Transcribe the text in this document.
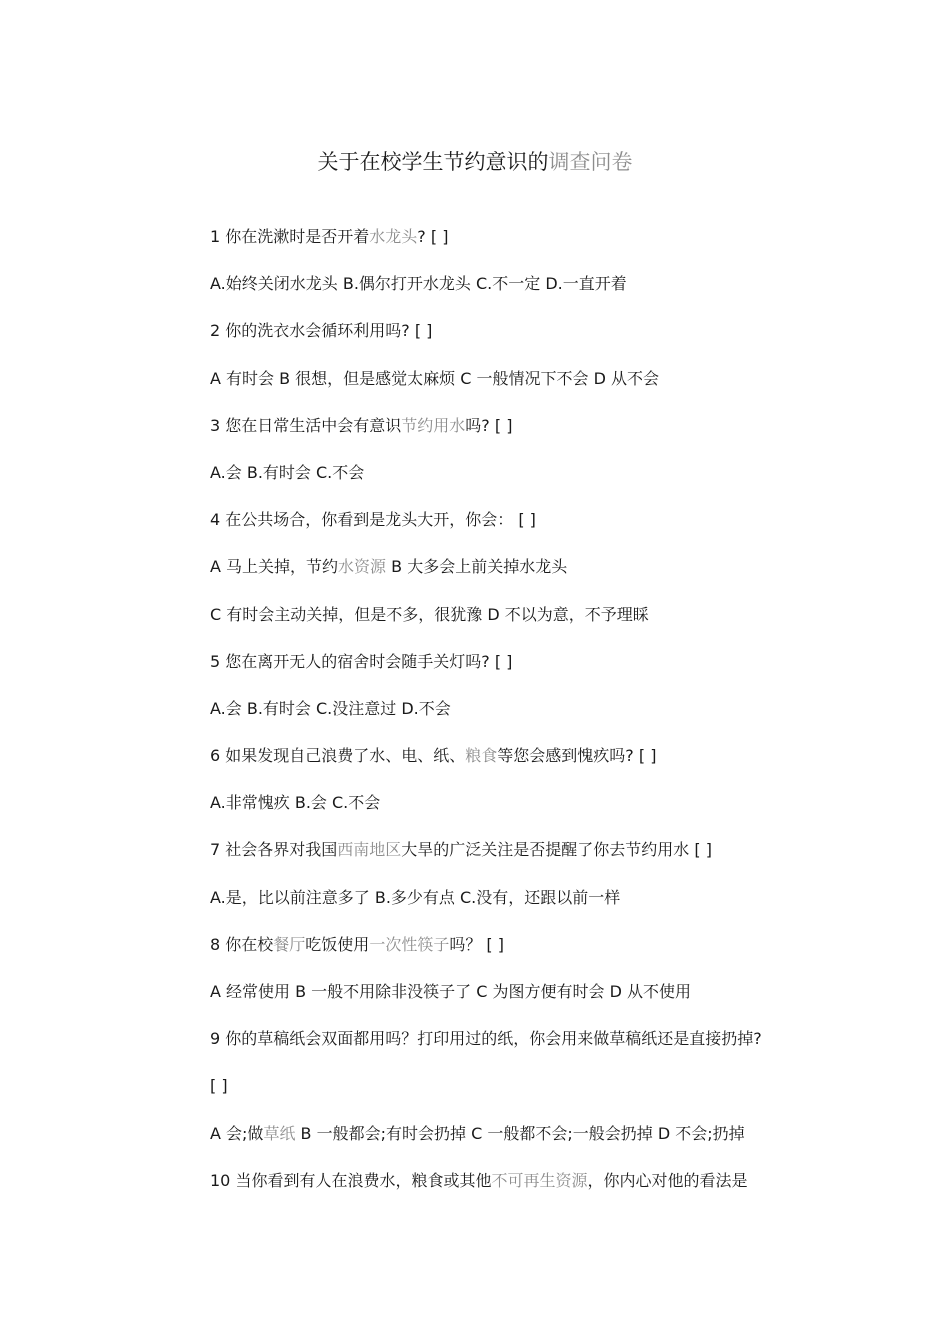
关于在校学生节约意识的调查问卷
1 你在洗漱时是否开着水龙头? [ ]
A.始终关闭水龙头 B.偶尔打开水龙头 C.不一定 D.一直开着
2 你的洗衣水会循环利用吗? [ ]
A 有时会 B 很想，但是感觉太麻烦 C 一般情况下不会 D 从不会
3 您在日常生活中会有意识节约用水吗? [ ]
A.会 B.有时会 C.不会
4 在公共场合，你看到是龙头大开，你会： [ ]
A 马上关掉，节约水资源 B 大多会上前关掉水龙头
C 有时会主动关掉，但是不多，很犹豫 D 不以为意，不予理睬
5 您在离开无人的宿舍时会随手关灯吗? [ ]
A.会 B.有时会 C.没注意过 D.不会
6 如果发现自己浪费了水、电、纸、粮食等您会感到愧疚吗? [ ]
A.非常愧疚 B.会 C.不会
7 社会各界对我国西南地区大旱的广泛关注是否提醒了你去节约用水 [ ]
A.是，比以前注意多了 B.多少有点 C.没有，还跟以前一样
8 你在校餐厅吃饭使用一次性筷子吗？ [ ]
A 经常使用 B 一般不用除非没筷子了 C 为图方便有时会 D 从不使用
9 你的草稿纸会双面都用吗？打印用过的纸，你会用来做草稿纸还是直接扔掉?
[ ]
A 会;做草纸 B 一般都会;有时会扔掉 C 一般都不会;一般会扔掉 D 不会;扔掉
10 当你看到有人在浪费水，粮食或其他不可再生资源，你内心对他的看法是
